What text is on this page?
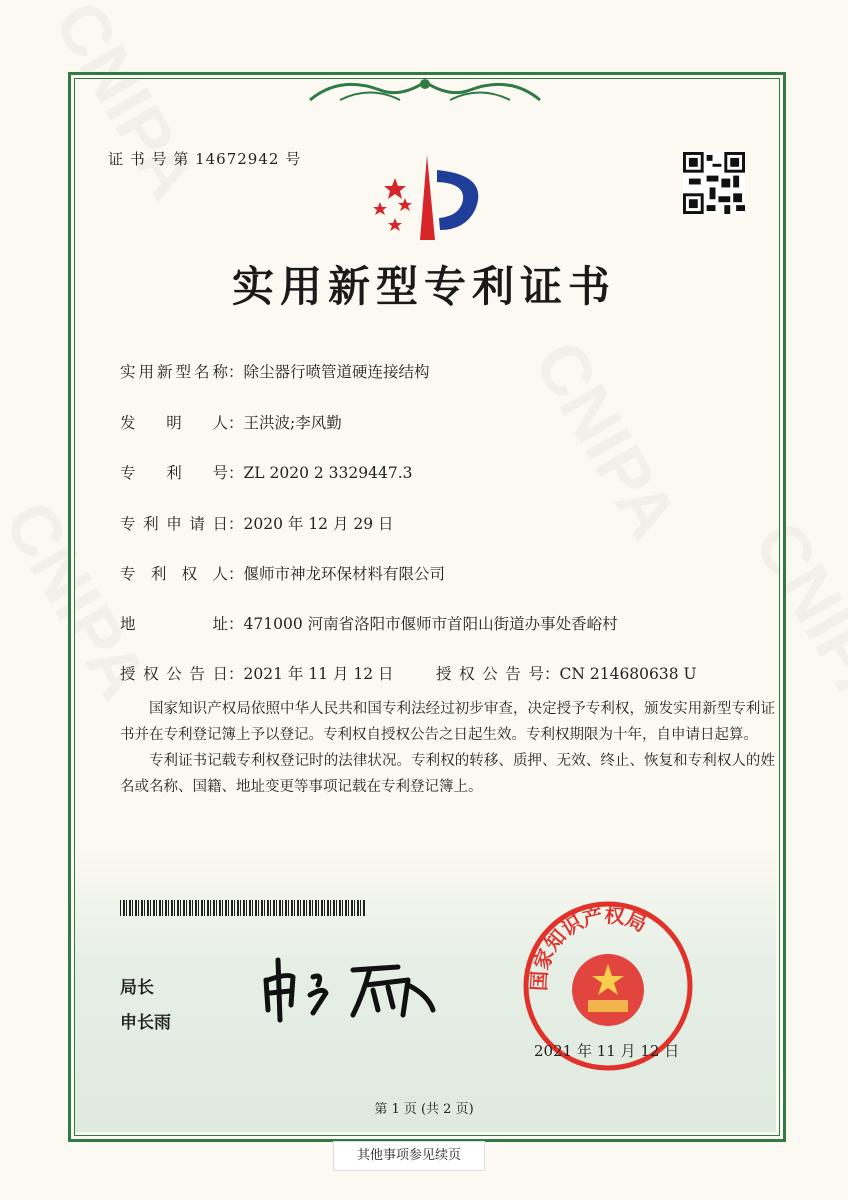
证 书 号 第 14672942 号
实用新型专利证书
实用新型名称：除尘器行喷管道硬连接结构
发明人：王洪波;李风勤
专利号：ZL 2020 2 3329447.3
专利申请日：2020 年 12 月 29 日
专利权人：偃师市神龙环保材料有限公司
地址：471000 河南省洛阳市偃师市首阳山街道办事处香峪村
授权公告日：2021 年 11 月 12 日	授权公告号：CN 214680638 U

国家知识产权局依照中华人民共和国专利法经过初步审查，决定授予专利权，颁发实用新型专利证书并在专利登记簿上予以登记。专利权自授权公告之日起生效。专利权期限为十年，自申请日起算。

专利证书记载专利权登记时的法律状况。专利权的转移、质押、无效、终止、恢复和专利权人的姓名或名称、国籍、地址变更等事项记载在专利登记簿上。

局长
申长雨
国家知识产权局
2021 年 11 月 12 日
第 1 页 (共 2 页)
其他事项参见续页
